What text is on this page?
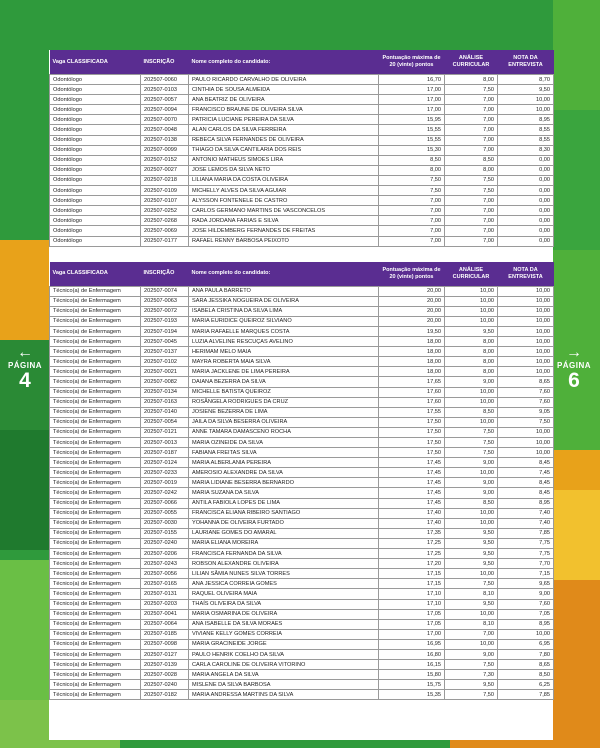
←
PÁGINA
4
→
PÁGINA
6
Vaga CLASSIFICADA	INSCRIÇÃO	Nome completo do candidato:	Pontuação máxima de 20 (vinte) pontos	ANÁLISE CURRICULAR	NOTA DA ENTREVISTA
Odontólogo	202507-0060	PAULO RICARDO CARVALHO DE OLIVEIRA	16,70	8,00	8,70
Odontólogo	202507-0103	CINTHIA DE SOUSA ALMEIDA	17,00	7,50	9,50
Odontólogo	202507-0057	ANA BEATRIZ DE OLIVEIRA	17,00	7,00	10,00
Odontólogo	202507-0094	FRANCISCO BRAUNE DE OLIVEIRA SILVA	17,00	7,00	10,00
Odontólogo	202507-0070	PATRICIA LUCIANE PEREIRA DA SILVA	15,95	7,00	8,95
Odontólogo	202507-0048	ALAN CARLOS DA SILVA FERREIRA	15,55	7,00	8,55
Odontólogo	202507-0138	REBECA SILVA FERNANDES DE OLIVEIRA	15,55	7,00	8,55
Odontólogo	202507-0099	THIAGO DA SILVA CANTILARIA DOS REIS	15,30	7,00	8,30
Odontólogo	202507-0152	ANTONIO MATHEUS SIMOES LIRA	8,50	8,50	0,00
Odontólogo	202507-0027	JOSE LEMOS DA SILVA NETO	8,00	8,00	0,00
Odontólogo	202507-0218	LILIANA MARIA DA COSTA OLIVEIRA	7,50	7,50	0,00
Odontólogo	202507-0109	MICHELLY ALVES DA SILVA AGUIAR	7,50	7,50	0,00
Odontólogo	202507-0107	ALYSSON FONTENELE DE CASTRO	7,00	7,00	0,00
Odontólogo	202507-0252	CARLOS GERMANO MARTINS DE VASCONCELOS	7,00	7,00	0,00
Odontólogo	202507-0268	RADA JORDANA FARIAS E SILVA	7,00	7,00	0,00
Odontólogo	202507-0069	JOSE HILDEMBERG FERNANDES DE FREITAS	7,00	7,00	0,00
Odontólogo	202507-0177	RAFAEL RENNY BARBOSA PEIXOTO	7,00	7,00	0,00
Vaga CLASSIFICADA	INSCRIÇÃO	Nome completo do candidato:	Pontuação máxima de 20 (vinte) pontos	ANÁLISE CURRICULAR	NOTA DA ENTREVISTA
Técnico(a) de Enfermagem	202507-0074	ANA PAULA BARRETO	20,00	10,00	10,00
Técnico(a) de Enfermagem	202507-0063	SARA JESSIKA NOGUEIRA DE OLIVEIRA	20,00	10,00	10,00
Técnico(a) de Enfermagem	202507-0072	ISABELA CRISTINA DA SILVA LIMA	20,00	10,00	10,00
Técnico(a) de Enfermagem	202507-0193	MARIA EURIDICE QUEIROZ SILVIANO	20,00	10,00	10,00
Técnico(a) de Enfermagem	202507-0194	MARIA RAFAELLE MARQUES COSTA	19,50	9,50	10,00
Técnico(a) de Enfermagem	202507-0045	LUZIA ALVELINE RESCUÇAS AVELINO	18,00	8,00	10,00
Técnico(a) de Enfermagem	202507-0137	HERIMAM MELO MAIA	18,00	8,00	10,00
Técnico(a) de Enfermagem	202507-0102	MAYRA ROBERTA MAIA SILVA	18,00	8,00	10,00
Técnico(a) de Enfermagem	202507-0021	MARIA JACKLENE DE LIMA PEREIRA	18,00	8,00	10,00
Técnico(a) de Enfermagem	202507-0082	DAIANA BEZERRA DA SILVA	17,65	9,00	8,65
Técnico(a) de Enfermagem	202507-0134	MICHELLE BATISTA QUEIROZ	17,60	10,00	7,60
Técnico(a) de Enfermagem	202507-0163	ROSÂNGELA RODRIGUES DA CRUZ	17,60	10,00	7,60
Técnico(a) de Enfermagem	202507-0140	JOSIENE BEZERRA DE LIMA	17,55	8,50	9,05
Técnico(a) de Enfermagem	202507-0054	JAILA DA SILVA BESERRA OLIVEIRA	17,50	10,00	7,50
Técnico(a) de Enfermagem	202507-0121	ANNE TAMARA DAMASCENO ROCHA	17,50	7,50	10,00
Técnico(a) de Enfermagem	202507-0013	MARIA OZINEIDE DA SILVA	17,50	7,50	10,00
Técnico(a) de Enfermagem	202507-0187	FABIANA FREITAS SILVA	17,50	7,50	10,00
Técnico(a) de Enfermagem	202507-0124	MARIA ALBERLANIA PEREIRA	17,45	9,00	8,45
Técnico(a) de Enfermagem	202507-0233	AMEROSIO ALEXANDRE DA SILVA	17,45	10,00	7,45
Técnico(a) de Enfermagem	202507-0019	MARIA LIDIANE BESERRA BERNARDO	17,45	9,00	8,45
Técnico(a) de Enfermagem	202507-0242	MARIA SUZANA DA SILVA	17,45	9,00	8,45
Técnico(a) de Enfermagem	202507-0066	ANTILA FABIOLA LOPES DE LIMA	17,45	8,50	8,95
Técnico(a) de Enfermagem	202507-0055	FRANCISCA ELIANA RIBEIRO SANTIAGO	17,40	10,00	7,40
Técnico(a) de Enfermagem	202507-0030	YOHANNA DE OLIVEIRA FURTADO	17,40	10,00	7,40
Técnico(a) de Enfermagem	202507-0155	LAURIANE GOMES DO AMARAL	17,35	9,50	7,85
Técnico(a) de Enfermagem	202507-0240	MARIA ELIANA MOREIRA	17,25	9,50	7,75
Técnico(a) de Enfermagem	202507-0206	FRANCISCA FERNANDA DA SILVA	17,25	9,50	7,75
Técnico(a) de Enfermagem	202507-0243	ROBSON ALEXANDRE OLIVEIRA	17,20	9,50	7,70
Técnico(a) de Enfermagem	202507-0056	LILIAN SÂMIA NUNES SILVA TORRES	17,15	10,00	7,15
Técnico(a) de Enfermagem	202507-0165	ANA JESSICA CORREIA GOMES	17,15	7,50	9,65
Técnico(a) de Enfermagem	202507-0131	RAQUEL OLIVEIRA MAIA	17,10	8,10	9,00
Técnico(a) de Enfermagem	202507-0203	THAÍS OLIVEIRA DA SILVA	17,10	9,50	7,60
Técnico(a) de Enfermagem	202507-0041	MARIA OSMARINA DE OLIVEIRA	17,05	10,00	7,05
Técnico(a) de Enfermagem	202507-0064	ANA ISABELLE DA SILVA MORAES	17,05	8,10	8,95
Técnico(a) de Enfermagem	202507-0185	VIVIANE KELLY GOMES CORREIA	17,00	7,00	10,00
Técnico(a) de Enfermagem	202507-0098	MARIA GRACINEIDE JORGE	16,95	10,00	6,95
Técnico(a) de Enfermagem	202507-0127	PAULO HENRIK COELHO DA SILVA	16,80	9,00	7,80
Técnico(a) de Enfermagem	202507-0139	CARLA CAROLINE DE OLIVEIRA VITORINO	16,15	7,50	8,65
Técnico(a) de Enfermagem	202507-0028	MARIA ANGELA DA SILVA	15,80	7,30	8,50
Técnico(a) de Enfermagem	202507-0240	MISLENE DA SILVA BARBOSA	15,75	9,50	6,25
Técnico(a) de Enfermagem	202507-0182	MARIA ANDRESSA MARTINS DA SILVA	15,35	7,50	7,85
